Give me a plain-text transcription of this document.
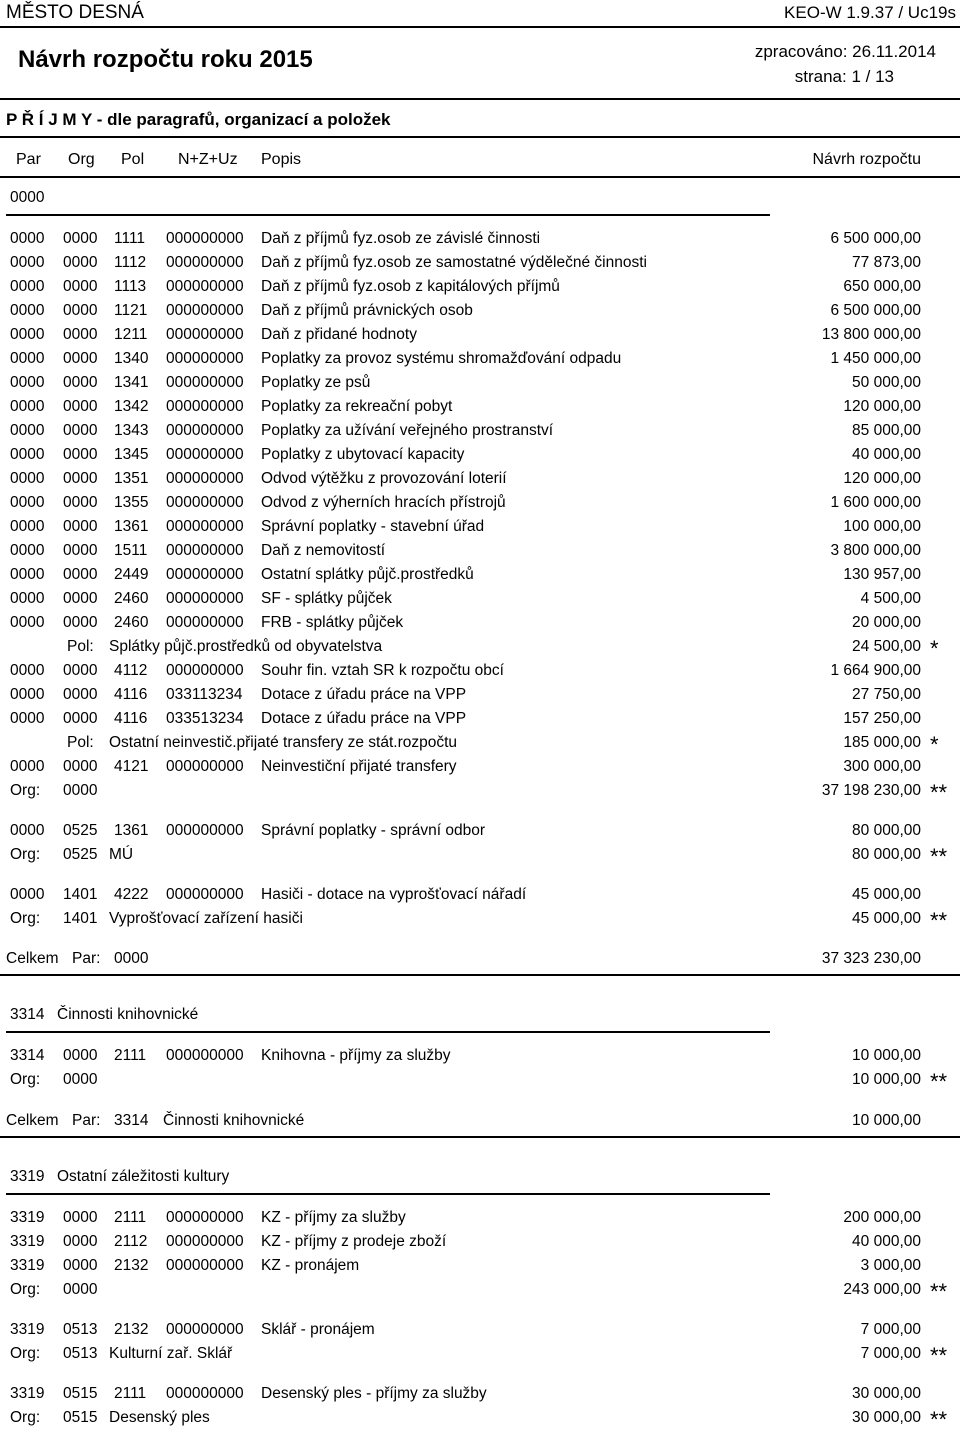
MĚSTO DESNÁ	KEO-W 1.9.37 / Uc19s
Návrh rozpočtu roku 2015	zpracováno: 26.11.2014
strana: 1 / 13
P Ř Í J M Y - dle paragrafů, organizací a položek
Par Org Pol N+Z+Uz Popis	Návrh rozpočtu
0000
0000 0000 1111 000000000 Daň z příjmů fyz.osob ze závislé činnosti	6 500 000,00
0000 0000 1112 000000000 Daň z příjmů fyz.osob ze samostatné výdělečné činnosti	77 873,00
0000 0000 1113 000000000 Daň z příjmů fyz.osob z kapitálových příjmů	650 000,00
0000 0000 1121 000000000 Daň z příjmů právnických osob	6 500 000,00
0000 0000 1211 000000000 Daň z přidané hodnoty	13 800 000,00
0000 0000 1340 000000000 Poplatky za provoz systému shromažďování odpadu	1 450 000,00
0000 0000 1341 000000000 Poplatky ze psů	50 000,00
0000 0000 1342 000000000 Poplatky za rekreační pobyt	120 000,00
0000 0000 1343 000000000 Poplatky za užívání veřejného prostranství	85 000,00
0000 0000 1345 000000000 Poplatky z ubytovací kapacity	40 000,00
0000 0000 1351 000000000 Odvod výtěžku z provozování loterií	120 000,00
0000 0000 1355 000000000 Odvod z výherních hracích přístrojů	1 600 000,00
0000 0000 1361 000000000 Správní poplatky - stavební úřad	100 000,00
0000 0000 1511 000000000 Daň z nemovitostí	3 800 000,00
0000 0000 2449 000000000 Ostatní splátky půjč.prostředků	130 957,00
0000 0000 2460 000000000 SF - splátky půjček	4 500,00
0000 0000 2460 000000000 FRB - splátky půjček	20 000,00
Pol: Splátky půjč.prostředků od obyvatelstva	24 500,00 *
0000 0000 4112 000000000 Souhr fin. vztah SR k rozpočtu obcí	1 664 900,00
0000 0000 4116 033113234 Dotace z úřadu práce na VPP	27 750,00
0000 0000 4116 033513234 Dotace z úřadu práce na VPP	157 250,00
Pol: Ostatní neinvestič.přijaté transfery ze stát.rozpočtu	185 000,00 *
0000 0000 4121 000000000 Neinvestiční přijaté transfery	300 000,00
Org: 0000	37 198 230,00 **
0000 0525 1361 000000000 Správní poplatky - správní odbor	80 000,00
Org: 0525 MÚ	80 000,00 **
0000 1401 4222 000000000 Hasiči - dotace na vyprošťovací nářadí	45 000,00
Org: 1401 Vyprošťovací zařízení hasiči	45 000,00 **
Celkem Par: 0000	37 323 230,00
3314 Činnosti knihovnické
3314 0000 2111 000000000 Knihovna - příjmy za služby	10 000,00
Org: 0000	10 000,00 **
Celkem Par: 3314 Činnosti knihovnické	10 000,00
3319 Ostatní záležitosti kultury
3319 0000 2111 000000000 KZ - příjmy za služby	200 000,00
3319 0000 2112 000000000 KZ - příjmy z prodeje zboží	40 000,00
3319 0000 2132 000000000 KZ - pronájem	3 000,00
Org: 0000	243 000,00 **
3319 0513 2132 000000000 Sklář - pronájem	7 000,00
Org: 0513 Kulturní zař. Sklář	7 000,00 **
3319 0515 2111 000000000 Desenský ples - příjmy za služby	30 000,00
Org: 0515 Desenský ples	30 000,00 **
